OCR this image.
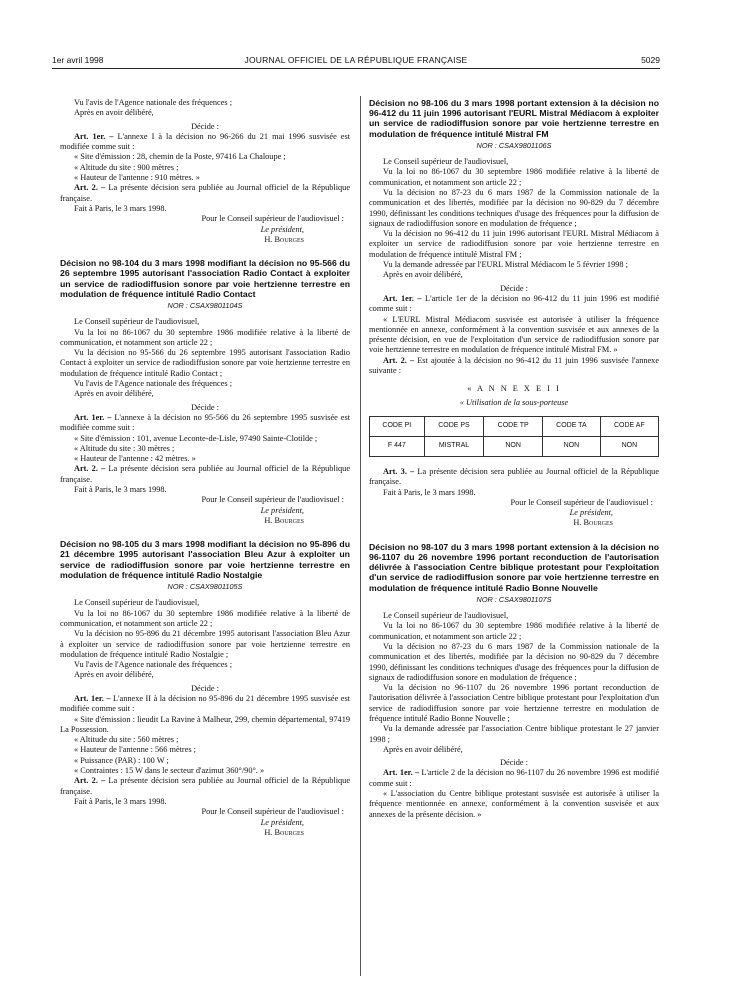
1er avril 1998	JOURNAL OFFICIEL DE LA RÉPUBLIQUE FRANÇAISE	5029

Vu l'avis de l'Agence nationale des fréquences ;

Après en avoir délibéré,

Décide :

Art. 1er. – L'annexe I à la décision no 96-266 du 21 mai 1996 susvisée est modifiée comme suit :

« Site d'émission : 28, chemin de la Poste, 97416 La Chaloupe ;

« Altitude du site : 900 mètres ;

« Hauteur de l'antenne : 910 mètres. »

Art. 2. – La présente décision sera publiée au Journal officiel de la République française.

Fait à Paris, le 3 mars 1998.

Pour le Conseil supérieur de l'audiovisuel :

Le président,

H. Bourges

Décision no 98-104 du 3 mars 1998 modifiant la décision no 95-566 du 26 septembre 1995 autorisant l'association Radio Contact à exploiter un service de radiodiffusion sonore par voie hertzienne terrestre en modulation de fréquence intitulé Radio Contact

NOR : CSAX9801104S

Le Conseil supérieur de l'audiovisuel,

Vu la loi no 86-1067 du 30 septembre 1986 modifiée relative à la liberté de communication, et notamment son article 22 ;

Vu la décision no 95-566 du 26 septembre 1995 autorisant l'association Radio Contact à exploiter un service de radiodiffusion sonore par voie hertzienne terrestre en modulation de fréquence intitulé Radio Contact ;

Vu l'avis de l'Agence nationale des fréquences ;

Après en avoir délibéré,

Décide :

Art. 1er. – L'annexe à la décision no 95-566 du 26 septembre 1995 susvisée est modifiée comme suit :

« Site d'émission : 101, avenue Leconte-de-Lisle, 97490 Sainte-Clotilde ;

« Altitude du site : 30 mètres ;

« Hauteur de l'antenne : 42 mètres. »

Art. 2. – La présente décision sera publiée au Journal officiel de la République française.

Fait à Paris, le 3 mars 1998.

Pour le Conseil supérieur de l'audiovisuel :

Le président,

H. Bourges

Décision no 98-105 du 3 mars 1998 modifiant la décision no 95-896 du 21 décembre 1995 autorisant l'association Bleu Azur à exploiter un service de radiodiffusion sonore par voie hertzienne terrestre en modulation de fréquence intitulé Radio Nostalgie

NOR : CSAX9801105S

Le Conseil supérieur de l'audiovisuel,

Vu la loi no 86-1067 du 30 septembre 1986 modifiée relative à la liberté de communication, et notamment son article 22 ;

Vu la décision no 95-896 du 21 décembre 1995 autorisant l'association Bleu Azur à exploiter un service de radiodiffusion sonore par voie hertzienne terrestre en modulation de fréquence intitulé Radio Nostalgie ;

Vu l'avis de l'Agence nationale des fréquences ;

Après en avoir délibéré,

Décide :

Art. 1er. – L'annexe II à la décision no 95-896 du 21 décembre 1995 susvisée est modifiée comme suit :

« Site d'émission : lieudit La Ravine à Malheur, 299, chemin départemental, 97419 La Possession.

« Altitude du site : 560 mètres ;

« Hauteur de l'antenne : 566 mètres ;

« Puissance (PAR) : 100 W ;

« Contraintes : 15 W dans le secteur d'azimut 360°/90°. »

Art. 2. – La présente décision sera publiée au Journal officiel de la République française.

Fait à Paris, le 3 mars 1998.

Pour le Conseil supérieur de l'audiovisuel :

Le président,

H. Bourges

Décision no 98-106 du 3 mars 1998 portant extension à la décision no 96-412 du 11 juin 1996 autorisant l'EURL Mistral Médiacom à exploiter un service de radiodiffusion sonore par voie hertzienne terrestre en modulation de fréquence intitulé Mistral FM

NOR : CSAX9801106S

Le Conseil supérieur de l'audiovisuel,

Vu la loi no 86-1067 du 30 septembre 1986 modifiée relative à la liberté de communication, et notamment son article 22 ;

Vu la décision no 87-23 du 6 mars 1987 de la Commission nationale de la communication et des libertés, modifiée par la décision no 90-829 du 7 décembre 1990, définissant les conditions techniques d'usage des fréquences pour la diffusion de signaux de radiodiffusion sonore en modulation de fréquence ;

Vu la décision no 96-412 du 11 juin 1996 autorisant l'EURL Mistral Médiacom à exploiter un service de radiodiffusion sonore par voie hertzienne terrestre en modulation de fréquence intitulé Mistral FM ;

Vu la demande adressée par l'EURL Mistral Médiacom le 5 février 1998 ;

Après en avoir délibéré,

Décide :

Art. 1er. – L'article 1er de la décision no 96-412 du 11 juin 1996 est modifié comme suit :

« L'EURL Mistral Médiacom susvisée est autorisée à utiliser la fréquence mentionnée en annexe, conformément à la convention susvisée et aux annexes de la présente décision, en vue de l'exploitation d'un service de radiodiffusion sonore par voie hertzienne terrestre en modulation de fréquence intitulé Mistral FM. »

Art. 2. – Est ajoutée à la décision no 96-412 du 11 juin 1996 susvisée l'annexe suivante :

« A N N E X E I I

« Utilisation de la sous-porteuse

CODE PI	CODE PS	CODE TP	CODE TA	CODE AF
F 447	MISTRAL	NON	NON	NON

Art. 3. – La présente décision sera publiée au Journal officiel de la République française.

Fait à Paris, le 3 mars 1998.

Pour le Conseil supérieur de l'audiovisuel :

Le président,

H. Bourges

Décision no 98-107 du 3 mars 1998 portant extension à la décision no 96-1107 du 26 novembre 1996 portant reconduction de l'autorisation délivrée à l'association Centre biblique protestant pour l'exploitation d'un service de radiodiffusion sonore par voie hertzienne terrestre en modulation de fréquence intitulé Radio Bonne Nouvelle

NOR : CSAX9801107S

Le Conseil supérieur de l'audiovisuel,

Vu la loi no 86-1067 du 30 septembre 1986 modifiée relative à la liberté de communication, et notamment son article 22 ;

Vu la décision no 87-23 du 6 mars 1987 de la Commission nationale de la communication et des libertés, modifiée par la décision no 90-829 du 7 décembre 1990, définissant les conditions techniques d'usage des fréquences pour la diffusion de signaux de radiodiffusion sonore en modulation de fréquence ;

Vu la décision no 96-1107 du 26 novembre 1996 portant reconduction de l'autorisation délivrée à l'association Centre biblique protestant pour l'exploitation d'un service de radiodiffusion sonore par voie hertzienne terrestre en modulation de fréquence intitulé Radio Bonne Nouvelle ;

Vu la demande adressée par l'association Centre biblique protestant le 27 janvier 1998 ;

Après en avoir délibéré,

Décide :

Art. 1er. – L'article 2 de la décision no 96-1107 du 26 novembre 1996 est modifié comme suit :

« L'association du Centre biblique protestant susvisée est autorisée à utiliser la fréquence mentionnée en annexe, conformément à la convention susvisée et aux annexes de la présente décision. »
